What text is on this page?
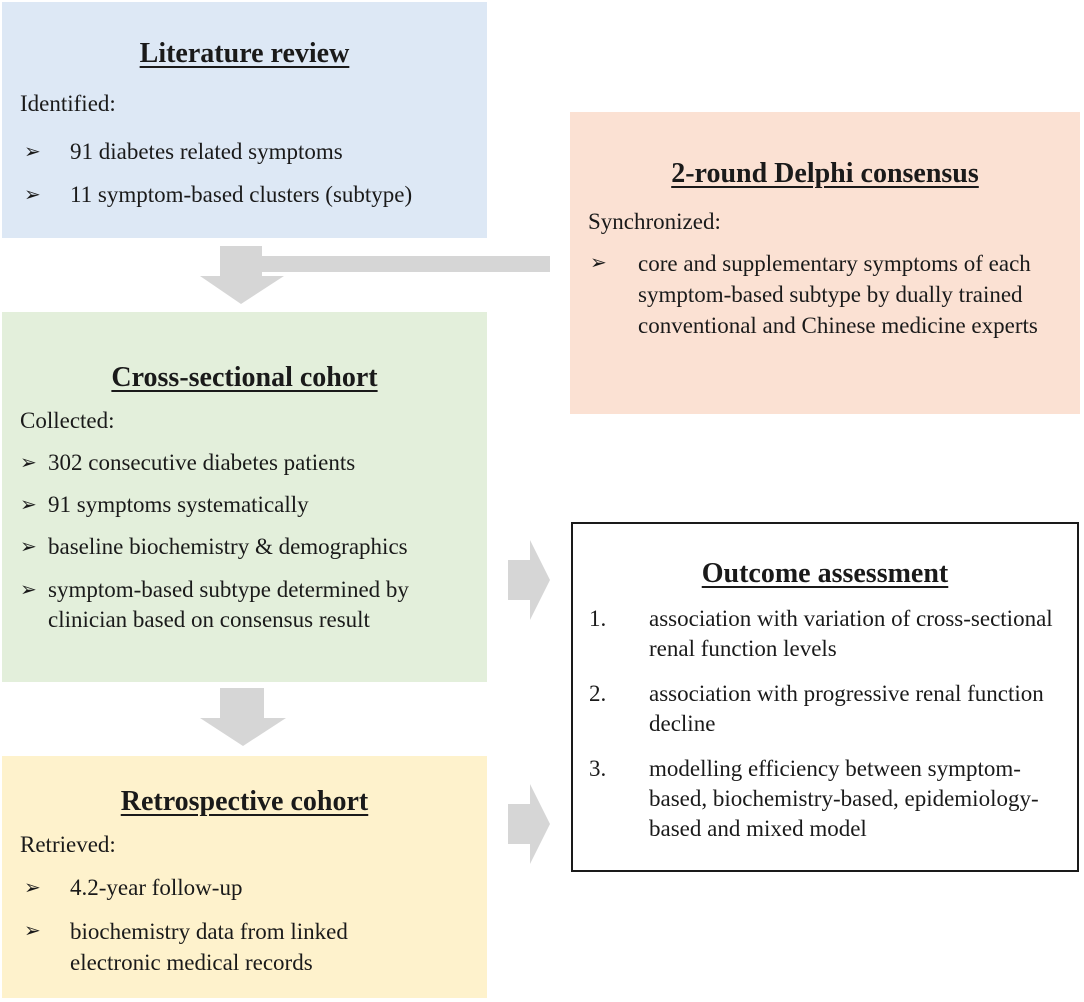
Literature review
Identified:
➢ 91 diabetes related symptoms
➢ 11 symptom-based clusters (subtype)
2-round Delphi consensus
Synchronized:
➢ core and supplementary symptoms of each symptom-based subtype by dually trained conventional and Chinese medicine experts
Cross-sectional cohort
Collected:
➢ 302 consecutive diabetes patients
➢ 91 symptoms systematically
➢ baseline biochemistry & demographics
➢ symptom-based subtype determined by clinician based on consensus result
Retrospective cohort
Retrieved:
➢ 4.2-year follow-up
➢ biochemistry data from linked electronic medical records
Outcome assessment
1. association with variation of cross-sectional renal function levels
2. association with progressive renal function decline
3. modelling efficiency between symptom-based, biochemistry-based, epidemiology-based and mixed model
